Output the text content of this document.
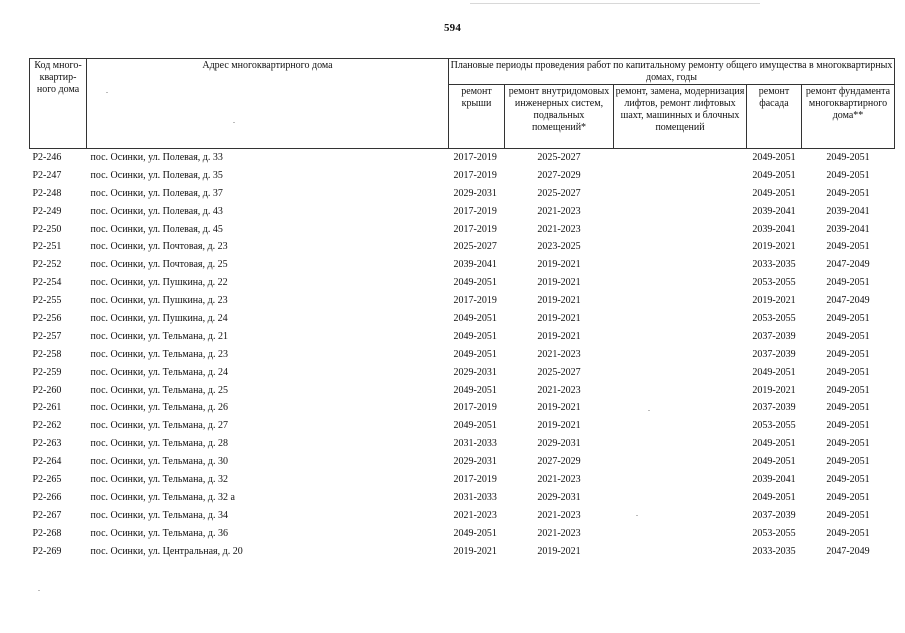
594
Код много-квартир-ного дома	Адрес многоквартирного дома	Плановые периоды проведения работ по капитальному ремонту общего имущества в многоквартирных домах, годы				
		ремонт крыши	ремонт внутридомовых инженерных систем, подвальных помещений*	ремонт, замена, модернизация лифтов, ремонт лифтовых шахт, машинных и блочных помещений	ремонт фасада	ремонт фундамента многоквартирного дома**
Р2-246	пос. Осинки, ул. Полевая, д. 33	2017-2019	2025-2027		2049-2051	2049-2051
Р2-247	пос. Осинки, ул. Полевая, д. 35	2017-2019	2027-2029		2049-2051	2049-2051
Р2-248	пос. Осинки, ул. Полевая, д. 37	2029-2031	2025-2027		2049-2051	2049-2051
Р2-249	пос. Осинки, ул. Полевая, д. 43	2017-2019	2021-2023		2039-2041	2039-2041
Р2-250	пос. Осинки, ул. Полевая, д. 45	2017-2019	2021-2023		2039-2041	2039-2041
Р2-251	пос. Осинки, ул. Почтовая, д. 23	2025-2027	2023-2025		2019-2021	2049-2051
Р2-252	пос. Осинки, ул. Почтовая, д. 25	2039-2041	2019-2021		2033-2035	2047-2049
Р2-254	пос. Осинки, ул. Пушкина, д. 22	2049-2051	2019-2021		2053-2055	2049-2051
Р2-255	пос. Осинки, ул. Пушкина, д. 23	2017-2019	2019-2021		2019-2021	2047-2049
Р2-256	пос. Осинки, ул. Пушкина, д. 24	2049-2051	2019-2021		2053-2055	2049-2051
Р2-257	пос. Осинки, ул. Тельмана, д. 21	2049-2051	2019-2021		2037-2039	2049-2051
Р2-258	пос. Осинки, ул. Тельмана, д. 23	2049-2051	2021-2023		2037-2039	2049-2051
Р2-259	пос. Осинки, ул. Тельмана, д. 24	2029-2031	2025-2027		2049-2051	2049-2051
Р2-260	пос. Осинки, ул. Тельмана, д. 25	2049-2051	2021-2023		2019-2021	2049-2051
Р2-261	пос. Осинки, ул. Тельмана, д. 26	2017-2019	2019-2021		2037-2039	2049-2051
Р2-262	пос. Осинки, ул. Тельмана, д. 27	2049-2051	2019-2021		2053-2055	2049-2051
Р2-263	пос. Осинки, ул. Тельмана, д. 28	2031-2033	2029-2031		2049-2051	2049-2051
Р2-264	пос. Осинки, ул. Тельмана, д. 30	2029-2031	2027-2029		2049-2051	2049-2051
Р2-265	пос. Осинки, ул. Тельмана, д. 32	2017-2019	2021-2023		2039-2041	2049-2051
Р2-266	пос. Осинки, ул. Тельмана, д. 32 а	2031-2033	2029-2031		2049-2051	2049-2051
Р2-267	пос. Осинки, ул. Тельмана, д. 34	2021-2023	2021-2023		2037-2039	2049-2051
Р2-268	пос. Осинки, ул. Тельмана, д. 36	2049-2051	2021-2023		2053-2055	2049-2051
Р2-269	пос. Осинки, ул. Центральная, д. 20	2019-2021	2019-2021		2033-2035	2047-2049
